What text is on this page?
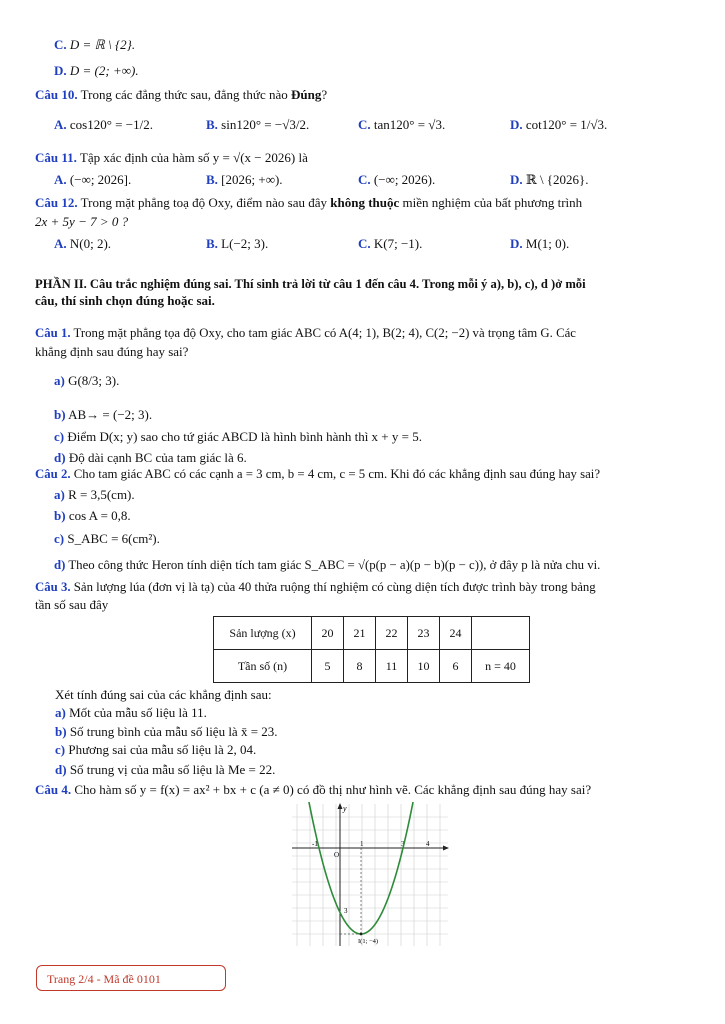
C. D = ℝ \ {2}.
D. D = (2; +∞).
Câu 10. Trong các đẳng thức sau, đẳng thức nào Đúng?
A. cos120° = −1/2.	B. sin120° = −√3/2.	C. tan120° = √3.	D. cot120° = 1/√3.
Câu 11. Tập xác định của hàm số y = √(x − 2026) là
A. (−∞; 2026].	B. [2026; +∞).	C. (−∞; 2026).	D. ℝ \ {2026}.
Câu 12. Trong mặt phẳng toạ độ Oxy, điểm nào sau đây không thuộc miền nghiệm của bất phương trình
2x + 5y − 7 > 0 ?
A. N(0; 2).	B. L(−2; 3).	C. K(7; −1).	D. M(1; 0).
PHẦN II. Câu trắc nghiệm đúng sai. Thí sinh trả lời từ câu 1 đến câu 4. Trong mỗi ý a), b), c), d )ở mỗi
câu, thí sinh chọn đúng hoặc sai.
Câu 1. Trong mặt phẳng tọa độ Oxy, cho tam giác ABC có A(4; 1), B(2; 4), C(2; −2) và trọng tâm G. Các
khẳng định sau đúng hay sai?
a) G(8/3; 3).
b) AB→ = (−2; 3).
c) Điểm D(x; y) sao cho tứ giác ABCD là hình bình hành thì x + y = 5.
d) Độ dài cạnh BC của tam giác là 6.
Câu 2. Cho tam giác ABC có các cạnh a = 3 cm, b = 4 cm, c = 5 cm. Khi đó các khẳng định sau đúng hay sai?
a) R = 3,5(cm).
b) cos A = 0,8.
c) S_ABC = 6(cm²).
d) Theo công thức Heron tính diện tích tam giác S_ABC = √(p(p − a)(p − b)(p − c)), ở đây p là nửa chu vi.
Câu 3. Sản lượng lúa (đơn vị là tạ) của 40 thửa ruộng thí nghiệm có cùng diện tích được trình bày trong bảng
tần số sau đây
Sản lượng (x)	20	21	22	23	24	
Tần số (n)	5	8	11	10	6	n = 40
Xét tính đúng sai của các khẳng định sau:
a) Mốt của mẫu số liệu là 11.
b) Số trung bình của mẫu số liệu là x̄ = 23.
c) Phương sai của mẫu số liệu là 2, 04.
d) Số trung vị của mẫu số liệu là Me = 22.
Câu 4. Cho hàm số y = f(x) = ax² + bx + c (a ≠ 0) có đồ thị như hình vẽ. Các khẳng định sau đúng hay sai?
y
-1
O
1	3	4
3
I(1; −4)
Trang 2/4 - Mã đề 0101
